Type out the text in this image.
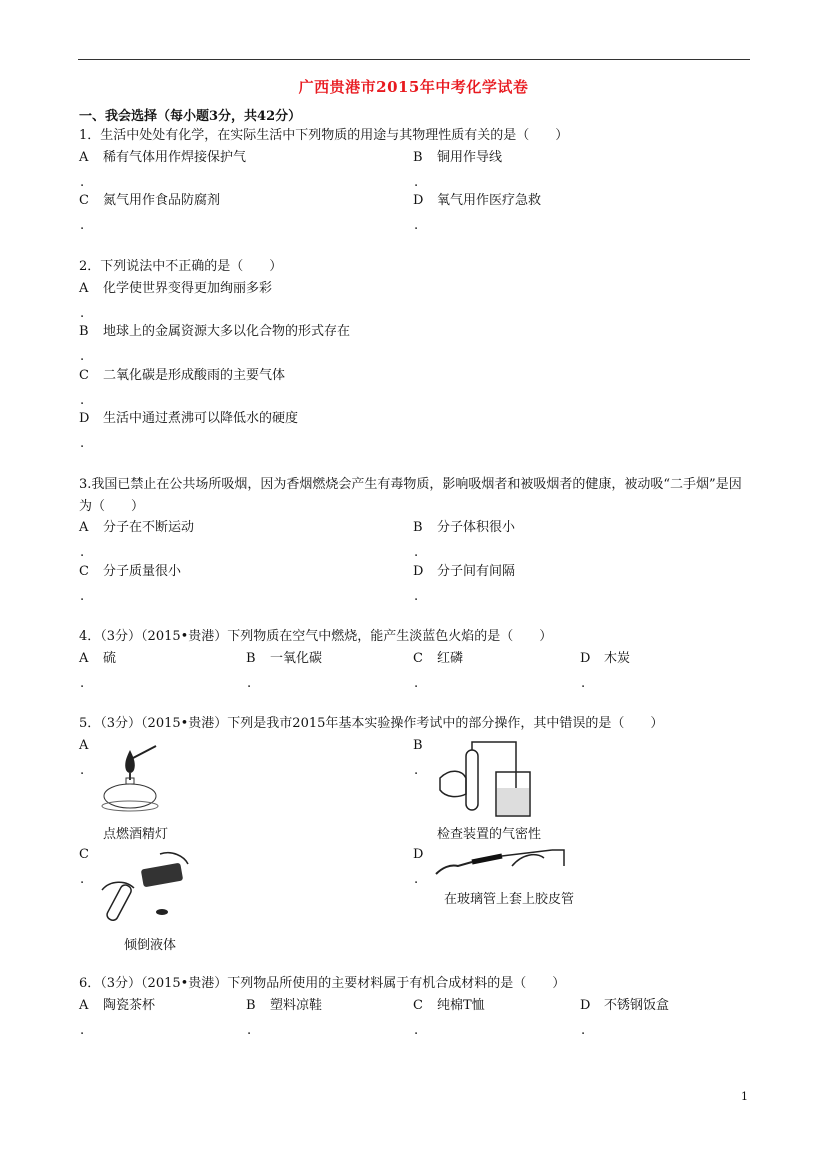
广西贵港市2015年中考化学试卷
一、我会选择（每小题3分，共42分）
1．生活中处处有化学，在实际生活中下列物质的用途与其物理性质有关的是（　　）
A 稀有气体用作焊接保护气	B 铜用作导线
.	.
C 氮气用作食品防腐剂	D 氧气用作医疗急救
.	.
2．下列说法中不正确的是（　　）
A 化学使世界变得更加绚丽多彩
.
B 地球上的金属资源大多以化合物的形式存在
.
C 二氧化碳是形成酸雨的主要气体
.
D 生活中通过煮沸可以降低水的硬度
.
3.我国已禁止在公共场所吸烟，因为香烟燃烧会产生有毒物质，影响吸烟者和被吸烟者的健康，被动吸“二手烟”是因为（　　）
A 分子在不断运动	B 分子体积很小
.	.
C 分子质量很小	D 分子间有间隔
.	.
4．（3分）（2015•贵港）下列物质在空气中燃烧，能产生淡蓝色火焰的是（　　）
A 硫	B 一氧化碳	C 红磷	D 木炭
.	.	.	.
5．（3分）（2015•贵港）下列是我市2015年基本实验操作考试中的部分操作，其中错误的是（　　）
A
.
B
.
点燃酒精灯	检查装置的气密性
C
.
D
.
倾倒液体
在玻璃管上套上胶皮管
6．（3分）（2015•贵港）下列物品所使用的主要材料属于有机合成材料的是（　　）
A 陶瓷茶杯	B 塑料凉鞋	C 纯棉T恤	D 不锈钢饭盒
.	.	.	.
1
